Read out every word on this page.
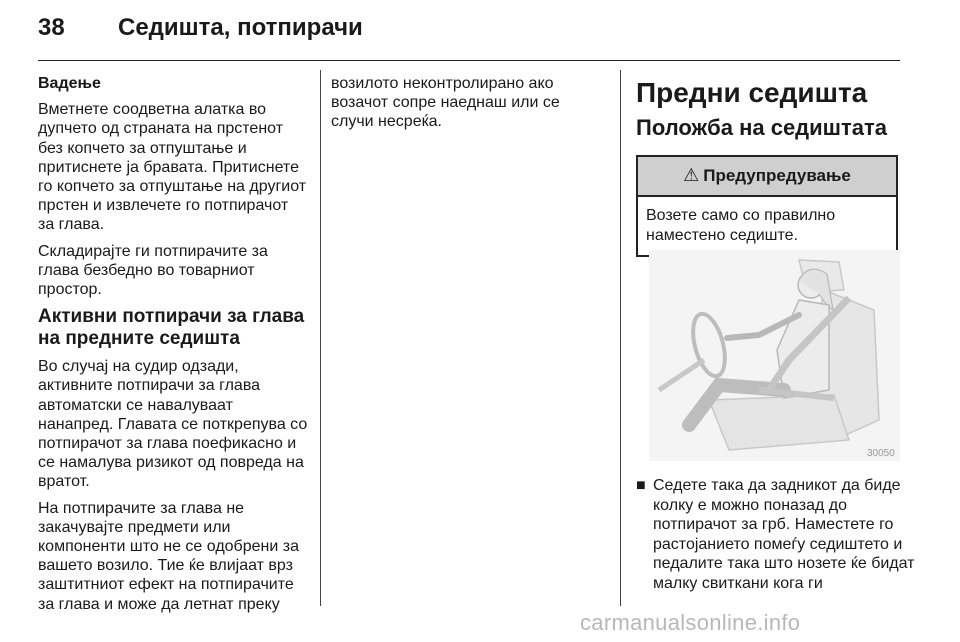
38	Седишта, потпирачи

Вадење

Вметнете соодветна алатка во дупчето од страната на прстенот без копчето за отпуштање и притиснете ја бравата. Притиснете го копчето за отпуштање на другиот прстен и извлечете го потпирачот за глава.

Складирајте ги потпирачите за глава безбедно во товарниот простор.

Активни потпирачи за глава на предните седишта

Во случај на судир одзади, активните потпирачи за глава автоматски се навалуваат нанапред. Главата се поткрепува со потпирачот за глава поефикасно и се намалува ризикот од повреда на вратот.

На потпирачите за глава не закачувајте предмети или компоненти што не се одобрени за вашето возило. Тие ќе влијаат врз заштитниот ефект на потпирачите за глава и може да летнат преку

возилото неконтролирано ако возачот сопре наеднаш или се случи несреќа.

Предни седишта

Положба на седиштата

⚠ Предупредување
Возете само со правилно наместено седиште.
30050
■ Седете така да задникот да биде колку е можно поназад до потпирачот за грб. Наместете го растојанието помеѓу седиштето и педалите така што нозете ќе бидат малку свиткани кога ги
carmanualsonline.info
